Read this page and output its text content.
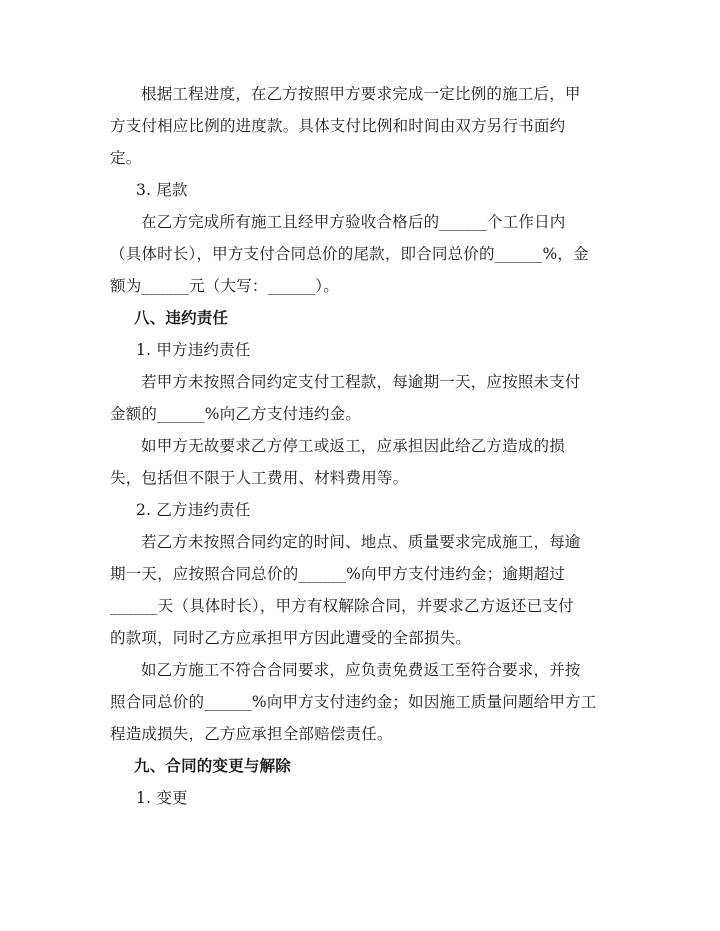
根据工程进度，在乙方按照甲方要求完成一定比例的施工后，甲
方支付相应比例的进度款。具体支付比例和时间由双方另行书面约
定。
3. 尾款
在乙方完成所有施工且经甲方验收合格后的______个工作日内
（具体时长），甲方支付合同总价的尾款，即合同总价的______%，金
额为______元（大写：______）。
八、违约责任
1. 甲方违约责任
若甲方未按照合同约定支付工程款，每逾期一天，应按照未支付
金额的______%向乙方支付违约金。
如甲方无故要求乙方停工或返工，应承担因此给乙方造成的损
失，包括但不限于人工费用、材料费用等。
2. 乙方违约责任
若乙方未按照合同约定的时间、地点、质量要求完成施工，每逾
期一天，应按照合同总价的______%向甲方支付违约金；逾期超过
______天（具体时长），甲方有权解除合同，并要求乙方返还已支付
的款项，同时乙方应承担甲方因此遭受的全部损失。
如乙方施工不符合合同要求，应负责免费返工至符合要求，并按
照合同总价的______%向甲方支付违约金；如因施工质量问题给甲方工
程造成损失，乙方应承担全部赔偿责任。
九、合同的变更与解除
1. 变更
